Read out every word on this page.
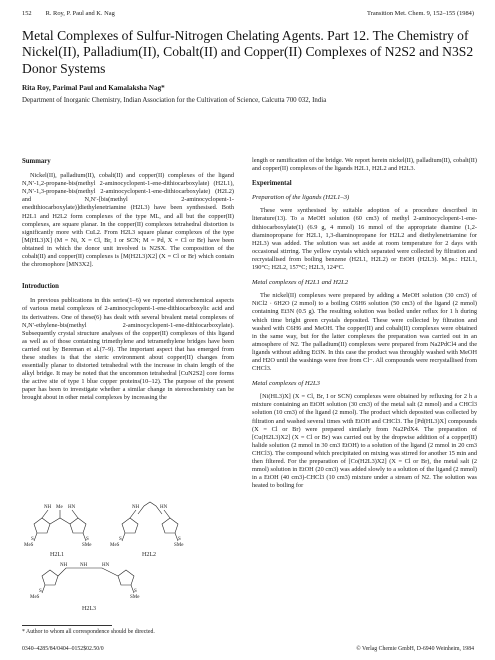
152 R. Roy, P. Paul and K. Nag	Transition Met. Chem. 9, 152–155 (1984)
Metal Complexes of Sulfur-Nitrogen Chelating Agents. Part 12. The Chemistry of Nickel(II), Palladium(II), Cobalt(II) and Copper(II) Complexes of N2S2 and N3S2 Donor Systems
Rita Roy, Parimal Paul and Kamalaksha Nag*
Department of Inorganic Chemistry, Indian Association for the Cultivation of Science, Calcutta 700 032, India
Summary

Nickel(II), palladium(II), cobalt(II) and copper(II) complexes of the ligand N,N′-1,2-propane-bis(methyl 2-aminocyclopent-1-ene-dithiocarboxylate) (H2L1), N,N′-1,3-propane-bis(methyl 2-aminocyclopent-1-ene-dithiocarboxylate) (H2L2) and N,N′-[bis(methyl 2-aminocyclopent-1-enedithiocarboxylate)]diethylenetriamine (H2L3) have been synthesised. Both H2L1 and H2L2 form complexes of the type ML, and all but the copper(II) complexes, are square planar. In the copper(II) complexes tetrahedral distortion is significantly more with CuL2. From H2L3 square planar complexes of the type [M(HL3)X] (M = Ni, X = Cl, Br, I or SCN; M = Pd, X = Cl or Br) have been obtained in which the donor unit involved is N2SX. The composition of the cobalt(II) and copper(II) complexes is [M(H2L3)X2] (X = Cl or Br) which contain the chromophore [MN3X2].

Introduction

In previous publications in this series(1–6) we reported stereochemical aspects of various metal complexes of 2-aminocyclopent-1-ene-dithiocarboxylic acid and its derivatives. One of these(6) has dealt with several bivalent metal complexes of N,N′-ethylene-bis(methyl 2-aminocyclopent-1-ene-dithiocarboxylate). Subsequently crystal structure analyses of the copper(II) complexes of this ligand as well as of those containing trimethylene and tetramethylene bridges have been carried out by Bereman et al.(7–9). The important aspect that has emerged from these studies is that the steric environment about copper(II) changes from essentially planar to distorted tetrahedral with the increase in chain length of the alkyl bridge. It may be noted that the uncommon tetrahedral [CuN2S2] core forms the active site of type 1 blue copper proteins(10–12). The purpose of the present paper has been to investigate whether a similar change in stereochemistry can be brought about in other metal complexes by increasing the

Me
NH	HN
MeS	SMe
S	S
H2L1
NH	HN
MeS	SMe
S	S
H2L2
NH	NH	HN
MeS	SMe
S	S
H2L3

length or ramification of the bridge. We report herein nickel(II), palladium(II), cobalt(II) and copper(II) complexes of the ligands H2L1, H2L2 and H2L3.

Experimental
Preparation of the ligands (H2L1–3)

These were synthesised by suitable adoption of a procedure described in literature(13). To a MeOH solution (60 cm3) of methyl 2-aminocyclopent-1-ene-dithiocarboxylate(1) (6.9 g, 4 mmol) 16 mmol of the appropriate diamine (1,2-diaminopropane for H2L1, 1,3-diaminopropane for H2L2 and diethylenetriamine for H2L3) was added. The solution was set aside at room temperature for 2 days with occasional stirring. The yellow crystals which separated were collected by filtration and recrystallised from boiling benzene (H2L1, H2L2) or EtOH (H2L3). M.ps.: H2L1, 190°C; H2L2, 157°C; H2L3, 124°C.

Metal complexes of H2L1 and H2L2

The nickel(II) complexes were prepared by adding a MeOH solution (30 cm3) of NiCl2 · 6H2O (2 mmol) to a boiling C6H6 solution (50 cm3) of the ligand (2 mmol) containing Et3N (0.5 g). The resulting solution was boiled under reflux for 1 h during which time bright green crystals deposited. These were collected by filtration and washed with C6H6 and MeOH. The copper(II) and cobalt(II) complexes were obtained in the same way, but for the latter complexes the preparation was carried out in an atmosphere of N2. The palladium(II) complexes were prepared from Na2PdCl4 and the ligands without adding Et3N. In this case the product was throughly washed with MeOH and H2O until the washings were free from Cl−. All compounds were recrystallised from CHCl3.

Metal complexes of H2L3

[Ni(HL3)X] (X = Cl, Br, I or SCN) complexes were obtained by refluxing for 2 h a mixture containing an EtOH solution (30 cm3) of the metal salt (2 mmol) and a CHCl3 solution (10 cm3) of the ligand (2 mmol). The product which deposited was collected by filtration and washed several times with EtOH and CHCl3. The [Pd(HL3)X] compounds (X = Cl or Br) were prepared similarly from Na2PdX4. The preparation of [Cu(H2L3)X2] (X = Cl or Br) was carried out by the dropwise addition of a copper(II) halide solution (2 mmol in 30 cm3 EtOH) to a solution of the ligand (2 mmol in 20 cm3 CHCl3). The compound which precipitated on mixing was stirred for another 15 min and then filtered. For the preparation of [Co(H2L3)X2] (X = Cl or Br), the metal salt (2 mmol) solution in EtOH (20 cm3) was added slowly to a solution of the ligand (2 mmol) in a EtOH (40 cm3)-CHCl3 (10 cm3) mixture under a stream of N2. The solution was heated to boiling for

* Author to whom all correspondence should be directed.
0340–4285/84/0404–0152$02.50/0	© Verlag Chemie GmbH, D-6940 Weinheim, 1984
